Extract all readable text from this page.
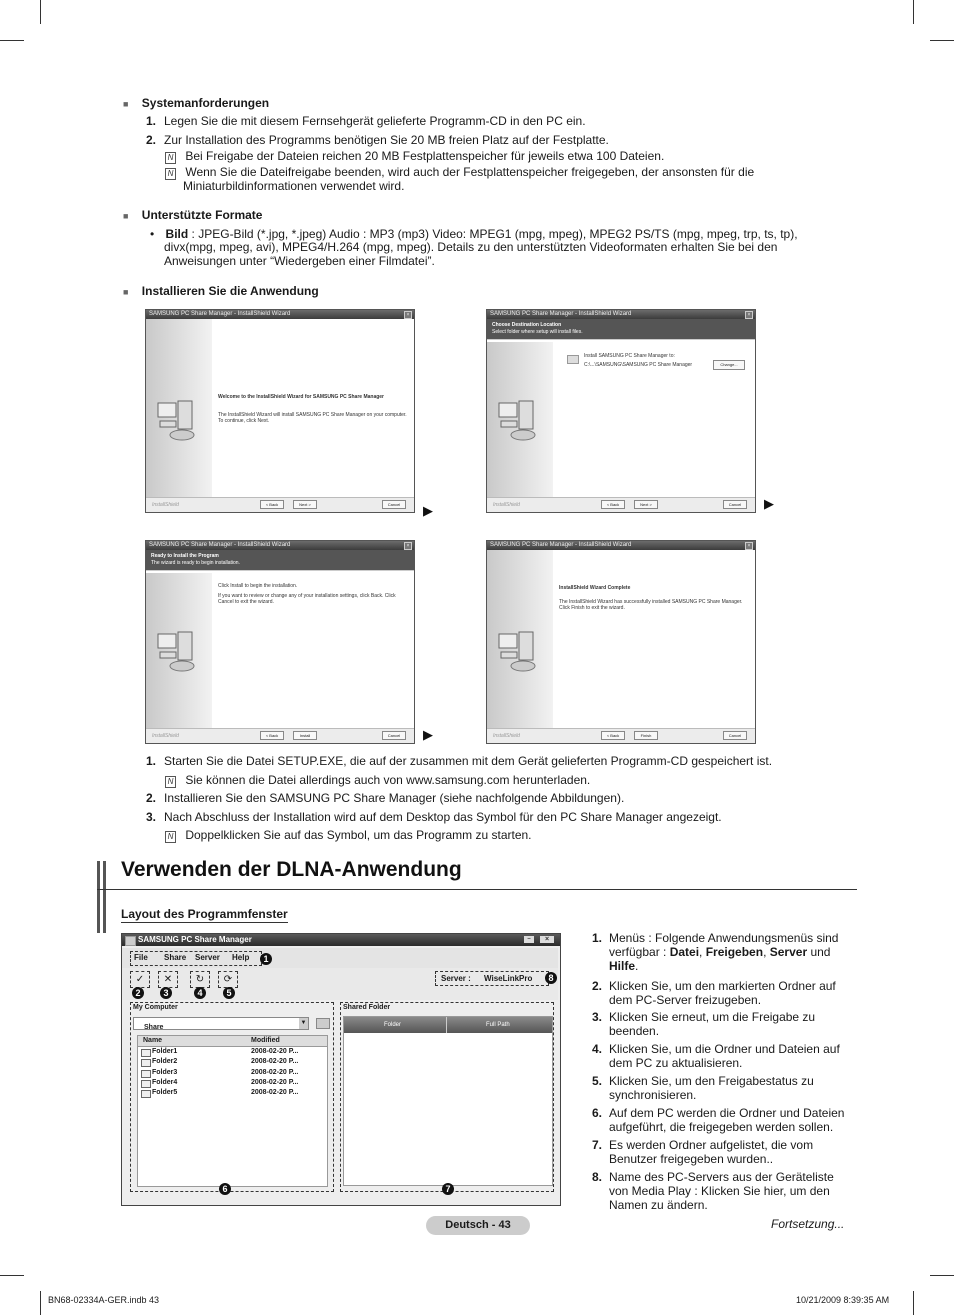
■ Systemanforderungen
1. Legen Sie die mit diesem Fernsehgerät gelieferte Programm-CD in den PC ein.
2. Zur Installation des Programms benötigen Sie 20 MB freien Platz auf der Festplatte.
N Bei Freigabe der Dateien reichen 20 MB Festplattenspeicher für jeweils etwa 100 Dateien.
N Wenn Sie die Dateifreigabe beenden, wird auch der Festplattenspeicher freigegeben, der ansonsten für die
Miniaturbildinformationen verwendet wird.
■ Unterstützte Formate
• Bild : JPEG-Bild (*.jpg, *.jpeg) Audio : MP3 (mp3) Video: MPEG1 (mpg, mpeg), MPEG2 PS/TS (mpg, mpeg, trp, ts, tp),
divx(mpg, mpeg, avi), MPEG4/H.264 (mpg, mpeg). Details zu den unterstützten Videoformaten erhalten Sie bei den
Anweisungen unter “Wiedergeben einer Filmdatei”.
■ Installieren Sie die Anwendung
SAMSUNG PC Share Manager - InstallShield Wizard	×
Welcome to the InstallShield Wizard for SAMSUNG PC Share Manager
The InstallShield Wizard will install SAMSUNG PC Share Manager on your computer. To continue, click Next.
InstallShield	< Back	Next >	Cancel	▶
SAMSUNG PC Share Manager - InstallShield Wizard	×
Choose Destination Location
Select folder where setup will install files.
Install SAMSUNG PC Share Manager to:
C:\...\SAMSUNG\SAMSUNG PC Share Manager	Change...
InstallShield	< Back	Next >	Cancel	▶
SAMSUNG PC Share Manager - InstallShield Wizard	×
Ready to Install the Program
The wizard is ready to begin installation.
Click Install to begin the installation.
If you want to review or change any of your installation settings, click Back. Click Cancel to exit the wizard.
InstallShield	< Back	Install	Cancel	▶
SAMSUNG PC Share Manager - InstallShield Wizard	×
InstallShield Wizard Complete
The InstallShield Wizard has successfully installed SAMSUNG PC Share Manager. Click Finish to exit the wizard.
InstallShield	< Back	Finish	Cancel
1. Starten Sie die Datei SETUP.EXE, die auf der zusammen mit dem Gerät gelieferten Programm-CD gespeichert ist.
N Sie können die Datei allerdings auch von www.samsung.com herunterladen.
2. Installieren Sie den SAMSUNG PC Share Manager (siehe nachfolgende Abbildungen).
3. Nach Abschluss der Installation wird auf dem Desktop das Symbol für den PC Share Manager angezeigt.
N Doppelklicken Sie auf das Symbol, um das Programm zu starten.
Verwenden der DLNA-Anwendung
Layout des Programmfenster
SAMSUNG PC Share Manager	–	×
File Share Server Help	1
✓	✕	↻	⟳
2	3	4	5
Server : WiseLinkPro	8
My Computer
Share
▼
Name	Modified
Folder1	2008-02-20 P...
Folder2	2008-02-20 P...
Folder3	2008-02-20 P...
Folder4	2008-02-20 P...
Folder5	2008-02-20 P...
6
Shared Folder
Folder	Full Path
7
1. Menüs : Folgende Anwendungsmenüs sind
verfügbar : Datei, Freigeben, Server und
Hilfe.
2. Klicken Sie, um den markierten Ordner auf
dem PC-Server freizugeben.
3. Klicken Sie erneut, um die Freigabe zu
beenden.
4. Klicken Sie, um die Ordner und Dateien auf
dem PC zu aktualisieren.
5. Klicken Sie, um den Freigabestatus zu
synchronisieren.
6. Auf dem PC werden die Ordner und Dateien
aufgeführt, die freigegeben werden sollen.
7. Es werden Ordner aufgelistet, die vom
Benutzer freigegeben wurden..
8. Name des PC-Servers aus der Geräteliste
von Media Play : Klicken Sie hier, um den
Namen zu ändern.
Fortsetzung...
Deutsch - 43
BN68-02334A-GER.indb 43	10/21/2009 8:39:35 AM
